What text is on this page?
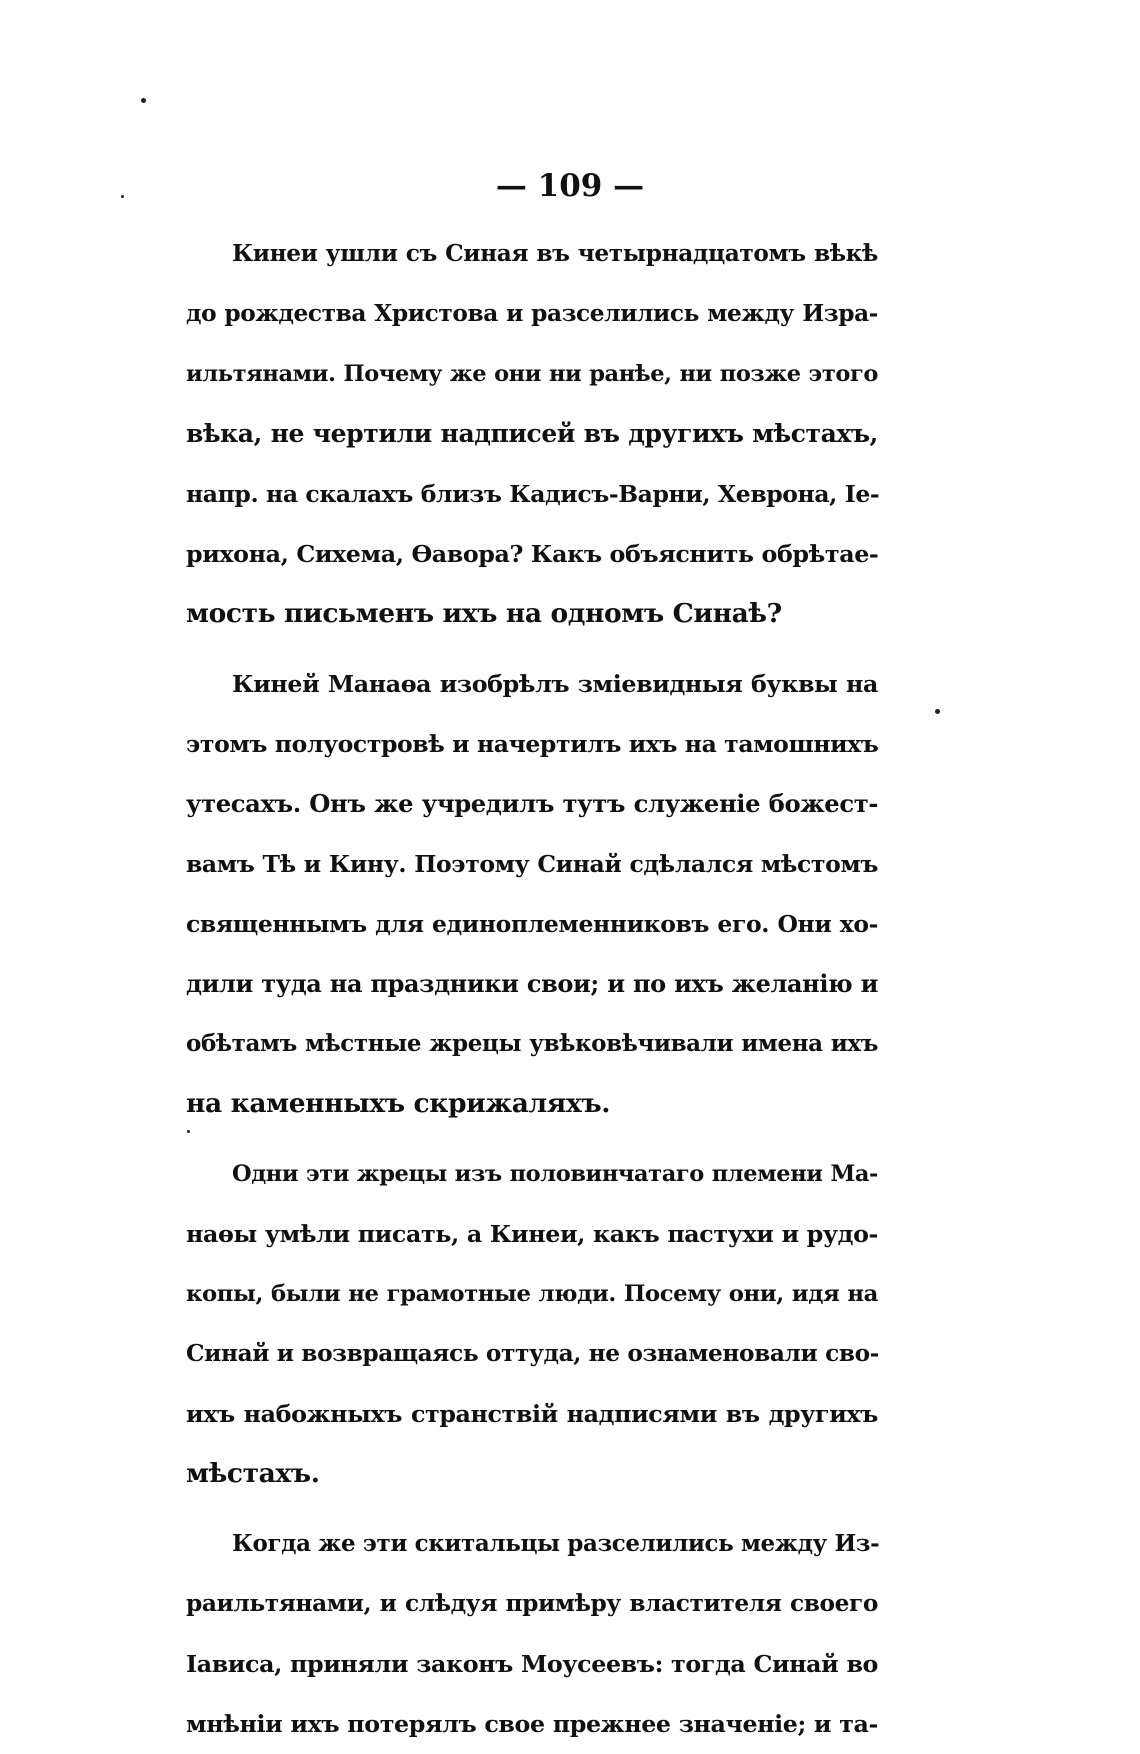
— 109 —
Кинеи ушли съ Синая въ четырнадцатомъ вѣкѣ
до рождества Христова и разселились между Изра-
ильтянами. Почему же они ни ранѣе, ни позже этого
вѣка, не чертили надписей въ другихъ мѣстахъ,
напр. на скалахъ близъ Кадисъ-Варни, Хеврона, Іе-
рихона, Сихема, Өавора? Какъ объяснить обрѣтае-
мость письменъ ихъ на одномъ Синаѣ?
Киней Манаөа изобрѣлъ зміевидныя буквы на
этомъ полуостровѣ и начертилъ ихъ на тамошнихъ
утесахъ. Онъ же учредилъ тутъ служеніе божест-
вамъ Тѣ и Кину. Поэтому Синай сдѣлался мѣстомъ
священнымъ для единоплеменниковъ его. Они хо-
дили туда на праздники свои; и по ихъ желанію и
обѣтамъ мѣстные жрецы увѣковѣчивали имена ихъ
на каменныхъ скрижаляхъ.
Одни эти жрецы изъ половинчатаго племени Ма-
наөы умѣли писать, а Кинеи, какъ пастухи и рудо-
копы, были не грамотные люди. Посему они, идя на
Синай и возвращаясь оттуда, не ознаменовали сво-
ихъ набожныхъ странствій надписями въ другихъ
мѣстахъ.
Когда же эти скитальцы разселились между Из-
раильтянами, и слѣдуя примѣру властителя своего
Іависа, приняли законъ Моусеевъ: тогда Синай во
мнѣніи ихъ потерялъ свое прежнее значеніе; и та-
